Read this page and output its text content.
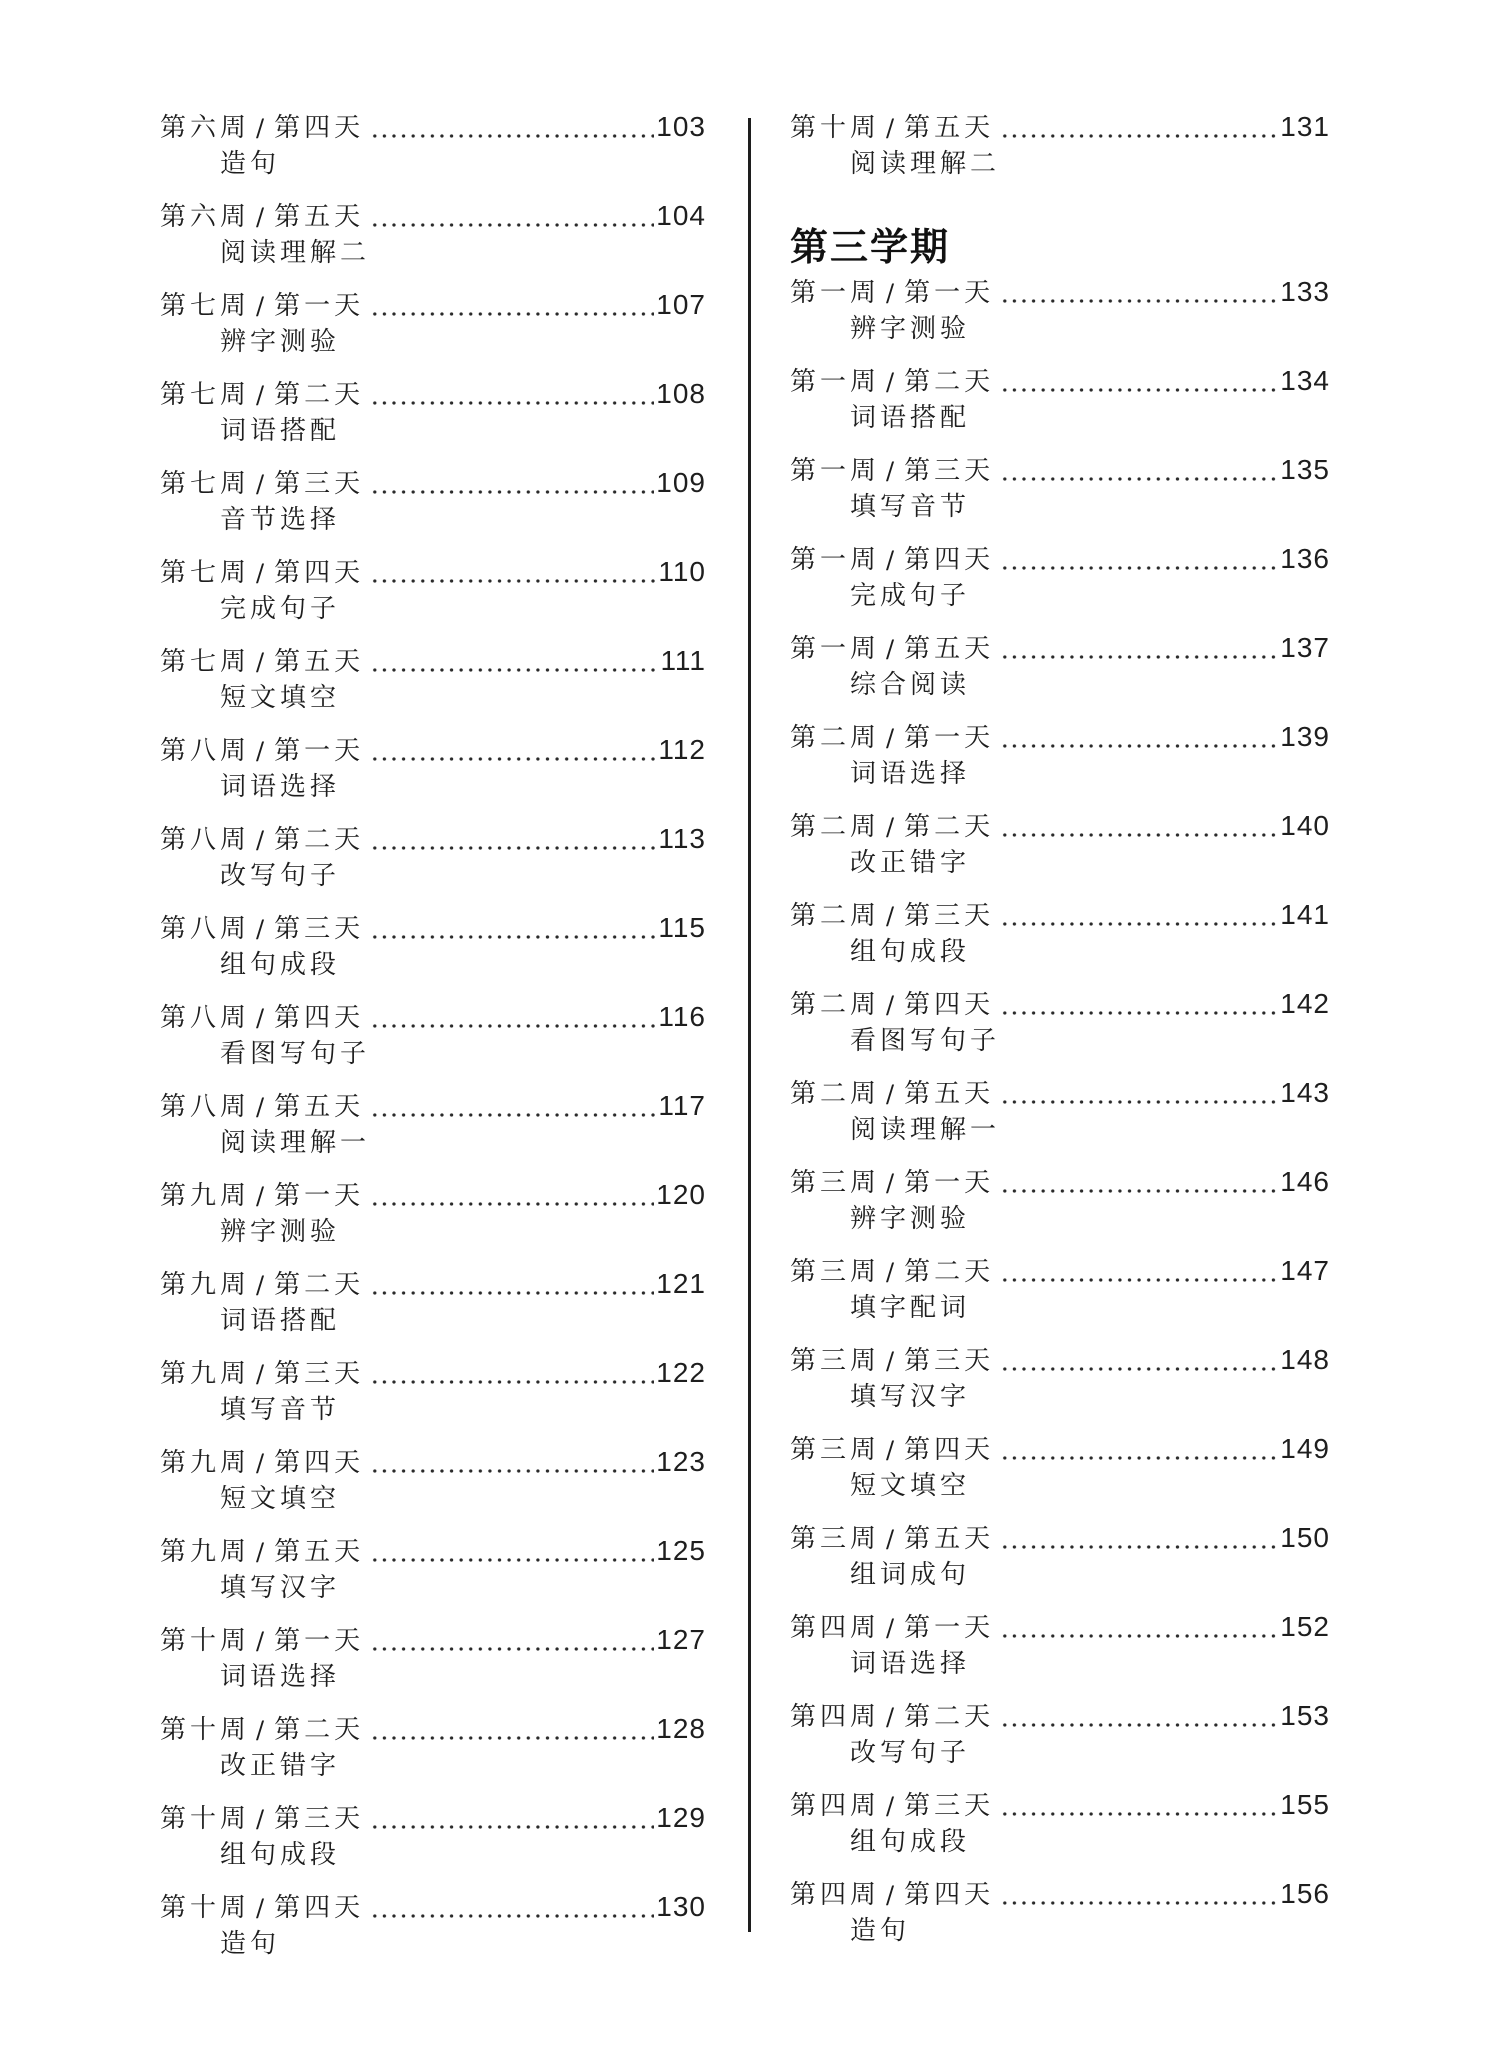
第六周 / 第四天	103
造句
第六周 / 第五天	104
阅读理解二
第七周 / 第一天	107
辨字测验
第七周 / 第二天	108
词语搭配
第七周 / 第三天	109
音节选择
第七周 / 第四天	110
完成句子
第七周 / 第五天	111
短文填空
第八周 / 第一天	112
词语选择
第八周 / 第二天	113
改写句子
第八周 / 第三天	115
组句成段
第八周 / 第四天	116
看图写句子
第八周 / 第五天	117
阅读理解一
第九周 / 第一天	120
辨字测验
第九周 / 第二天	121
词语搭配
第九周 / 第三天	122
填写音节
第九周 / 第四天	123
短文填空
第九周 / 第五天	125
填写汉字
第十周 / 第一天	127
词语选择
第十周 / 第二天	128
改正错字
第十周 / 第三天	129
组句成段
第十周 / 第四天	130
造句
第十周 / 第五天	131
阅读理解二
第三学期
第一周 / 第一天	133
辨字测验
第一周 / 第二天	134
词语搭配
第一周 / 第三天	135
填写音节
第一周 / 第四天	136
完成句子
第一周 / 第五天	137
综合阅读
第二周 / 第一天	139
词语选择
第二周 / 第二天	140
改正错字
第二周 / 第三天	141
组句成段
第二周 / 第四天	142
看图写句子
第二周 / 第五天	143
阅读理解一
第三周 / 第一天	146
辨字测验
第三周 / 第二天	147
填字配词
第三周 / 第三天	148
填写汉字
第三周 / 第四天	149
短文填空
第三周 / 第五天	150
组词成句
第四周 / 第一天	152
词语选择
第四周 / 第二天	153
改写句子
第四周 / 第三天	155
组句成段
第四周 / 第四天	156
造句
